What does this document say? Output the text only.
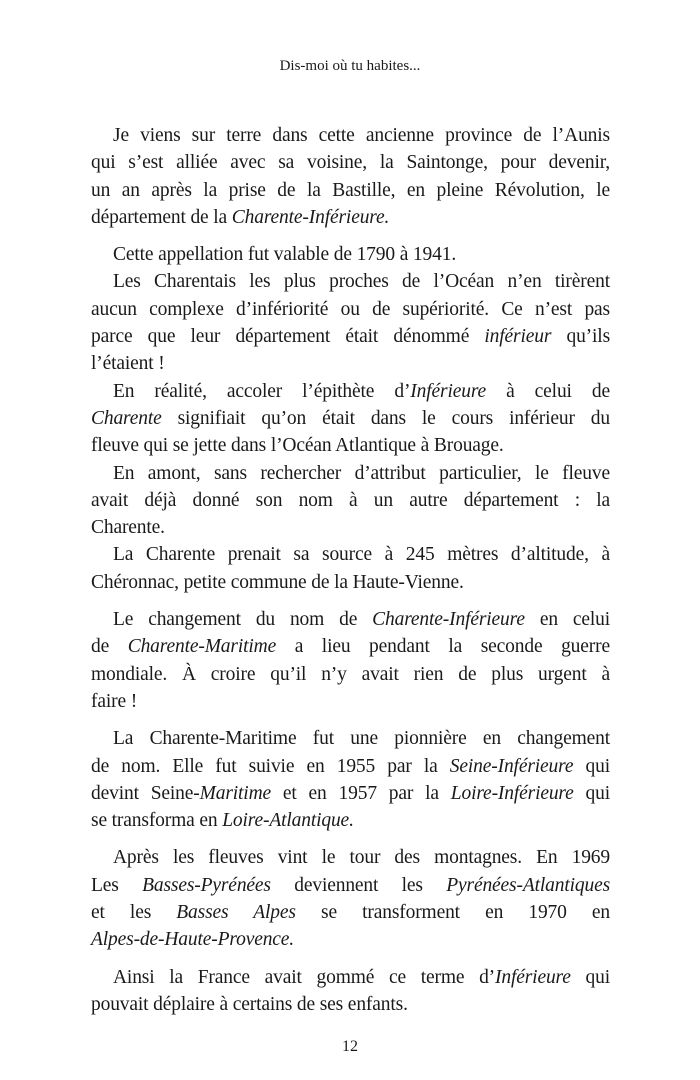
Dis-moi où tu habites...
Je viens sur terre dans cette ancienne province de l’Aunis
qui s’est alliée avec sa voisine, la Saintonge, pour devenir,
un an après la prise de la Bastille, en pleine Révolution, le
département de la Charente-Inférieure.
Cette appellation fut valable de 1790 à 1941.
Les Charentais les plus proches de l’Océan n’en tirèrent
aucun complexe d’infériorité ou de supériorité. Ce n’est pas
parce que leur département était dénommé inférieur qu’ils
l’étaient !
En réalité, accoler l’épithète d’Inférieure à celui de
Charente signifiait qu’on était dans le cours inférieur du
fleuve qui se jette dans l’Océan Atlantique à Brouage.
En amont, sans rechercher d’attribut particulier, le fleuve
avait déjà donné son nom à un autre département : la
Charente.
La Charente prenait sa source à 245 mètres d’altitude, à
Chéronnac, petite commune de la Haute-Vienne.
Le changement du nom de Charente-Inférieure en celui
de Charente-Maritime a lieu pendant la seconde guerre
mondiale. À croire qu’il n’y avait rien de plus urgent à
faire !
La Charente-Maritime fut une pionnière en changement
de nom. Elle fut suivie en 1955 par la Seine-Inférieure qui
devint Seine-Maritime et en 1957 par la Loire-Inférieure qui
se transforma en Loire-Atlantique.
Après les fleuves vint le tour des montagnes. En 1969
Les Basses-Pyrénées deviennent les Pyrénées-Atlantiques
et les Basses Alpes se transforment en 1970 en
Alpes-de-Haute-Provence.
Ainsi la France avait gommé ce terme d’Inférieure qui
pouvait déplaire à certains de ses enfants.
12
